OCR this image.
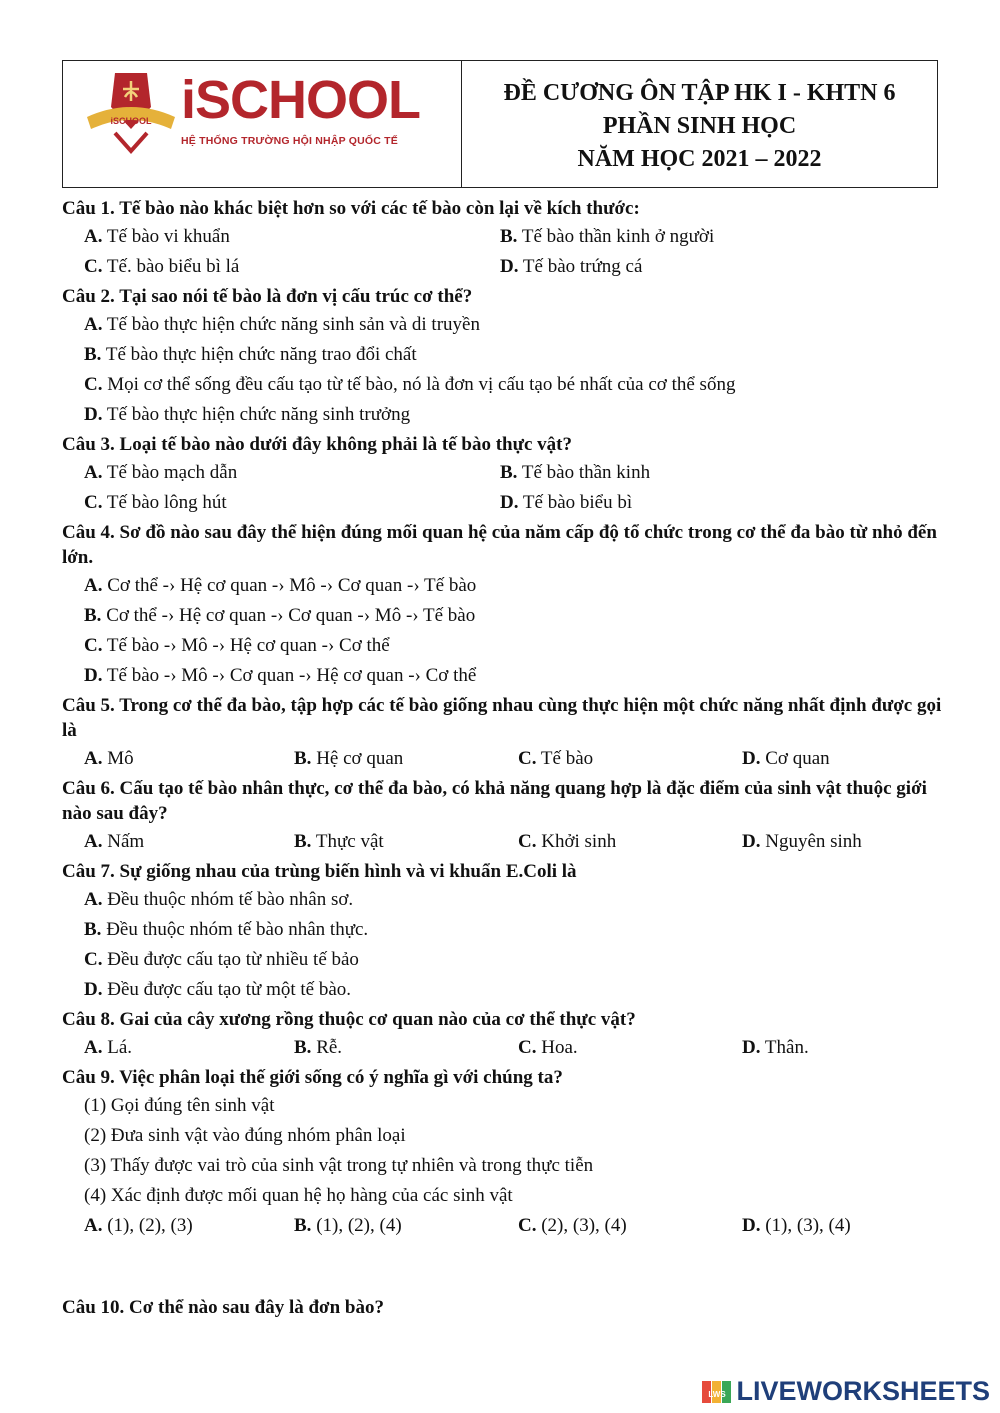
iSCHOOL iSCHOOL
HỆ THỐNG TRƯỜNG HỘI NHẬP QUỐC TẾ
ĐỀ CƯƠNG ÔN TẬP HK I - KHTN 6
PHẦN SINH HỌC
NĂM HỌC 2021 – 2022

Câu 1. Tế bào nào khác biệt hơn so với các tế bào còn lại về kích thước:

A. Tế bào vi khuẩn	B. Tế bào thần kinh ở người
C. Tế. bào biểu bì lá	D. Tế bào trứng cá

Câu 2. Tại sao nói tế bào là đơn vị cấu trúc cơ thể?

A. Tế bào thực hiện chức năng sinh sản và di truyền
B. Tế bào thực hiện chức năng trao đổi chất
C. Mọi cơ thể sống đều cấu tạo từ tế bào, nó là đơn vị cấu tạo bé nhất của cơ thể sống
D. Tế bào thực hiện chức năng sinh trưởng

Câu 3. Loại tế bào nào dưới đây không phải là tế bào thực vật?

A. Tế bào mạch dẫn	B. Tế bào thần kinh
C. Tế bào lông hút	D. Tế bào biểu bì

Câu 4. Sơ đồ nào sau đây thể hiện đúng mối quan hệ của năm cấp độ tổ chức trong cơ thể đa bào từ nhỏ đến lớn.

A. Cơ thể -› Hệ cơ quan -› Mô -› Cơ quan -› Tế bào
B. Cơ thể -› Hệ cơ quan -› Cơ quan -› Mô -› Tế bào
C. Tế bào -› Mô -› Hệ cơ quan -› Cơ thể
D. Tế bào -› Mô -› Cơ quan -› Hệ cơ quan -› Cơ thể

Câu 5. Trong cơ thể đa bào, tập hợp các tế bào giống nhau cùng thực hiện một chức năng nhất định được gọi là

A. Mô	B. Hệ cơ quan	C. Tế bào	D. Cơ quan

Câu 6. Cấu tạo tế bào nhân thực, cơ thể đa bào, có khả năng quang hợp là đặc điểm của sinh vật thuộc giới nào sau đây?

A. Nấm	B. Thực vật	C. Khởi sinh	D. Nguyên sinh

Câu 7. Sự giống nhau của trùng biến hình và vi khuẩn E.Coli là

A. Đều thuộc nhóm tế bào nhân sơ.
B. Đều thuộc nhóm tế bào nhân thực.
C. Đều được cấu tạo từ nhiều tế bảo
D. Đều được cấu tạo từ một tế bào.

Câu 8. Gai của cây xương rồng thuộc cơ quan nào của cơ thể thực vật?

A. Lá.	B. Rễ.	C. Hoa.	D. Thân.

Câu 9. Việc phân loại thế giới sống có ý nghĩa gì với chúng ta?

(1) Gọi đúng tên sinh vật
(2) Đưa sinh vật vào đúng nhóm phân loại
(3) Thấy được vai trò của sinh vật trong tự nhiên và trong thực tiễn
(4) Xác định được mối quan hệ họ hàng của các sinh vật
A. (1), (2), (3)	B. (1), (2), (4)	C. (2), (3), (4)	D. (1), (3), (4)

Câu 10. Cơ thể nào sau đây là đơn bào?

LWS LIVEWORKSHEETS
